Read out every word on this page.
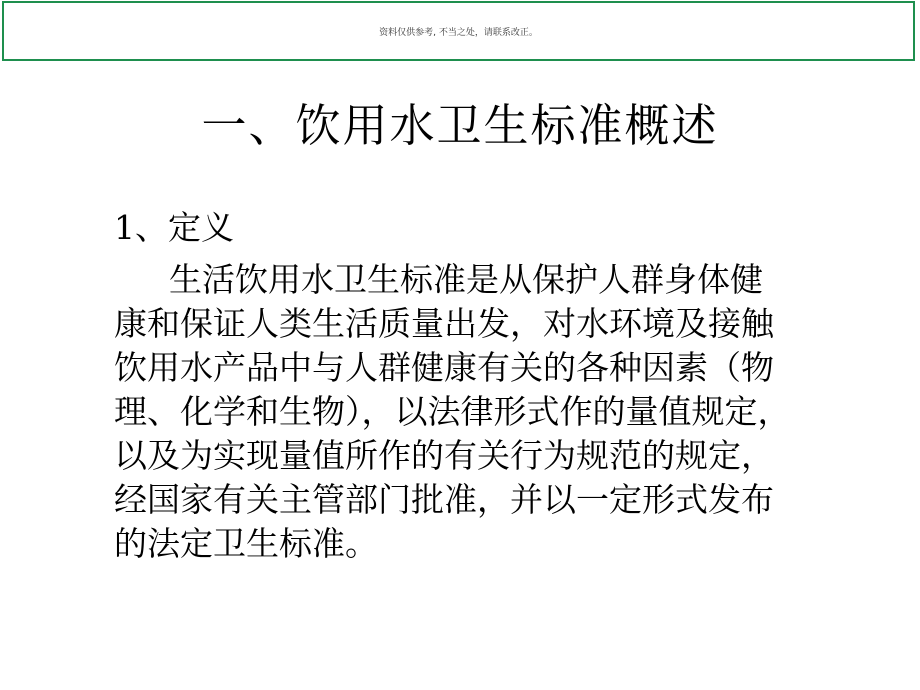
资料仅供参考, 不当之处，请联系改正。
一、饮用水卫生标准概述
1、定义
生活饮用水卫生标准是从保护人群身体健
康和保证人类生活质量出发，对水环境及接触
饮用水产品中与人群健康有关的各种因素（物
理、化学和生物），以法律形式作的量值规定，
以及为实现量值所作的有关行为规范的规定，
经国家有关主管部门批准，并以一定形式发布
的法定卫生标准。
